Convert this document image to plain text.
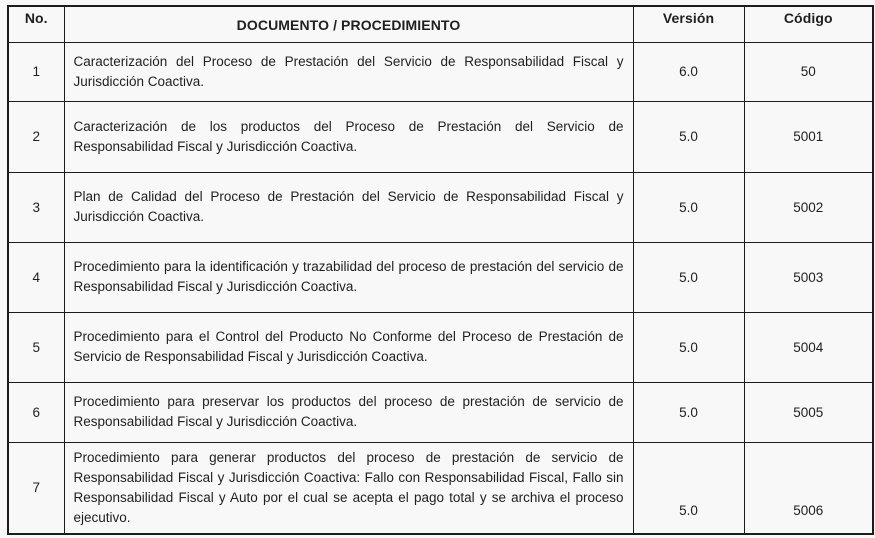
No.	DOCUMENTO / PROCEDIMIENTO	Versión	Código
1	Caracterización del Proceso de Prestación del Servicio de Responsabilidad Fiscal y Jurisdicción Coactiva.	6.0	50
2	Caracterización de los productos del Proceso de Prestación del Servicio de Responsabilidad Fiscal y Jurisdicción Coactiva.	5.0	5001
3	Plan de Calidad del Proceso de Prestación del Servicio de Responsabilidad Fiscal y Jurisdicción Coactiva.	5.0	5002
4	Procedimiento para la identificación y trazabilidad del proceso de prestación del servicio de Responsabilidad Fiscal y Jurisdicción Coactiva.	5.0	5003
5	Procedimiento para el Control del Producto No Conforme del Proceso de Prestación de Servicio de Responsabilidad Fiscal y Jurisdicción Coactiva.	5.0	5004
6	Procedimiento para preservar los productos del proceso de prestación de servicio de Responsabilidad Fiscal y Jurisdicción Coactiva.	5.0	5005
7	Procedimiento para generar productos del proceso de prestación de servicio de Responsabilidad Fiscal y Jurisdicción Coactiva: Fallo con Responsabilidad Fiscal, Fallo sin Responsabilidad Fiscal y Auto por el cual se acepta el pago total y se archiva el proceso ejecutivo.	5.0	5006
